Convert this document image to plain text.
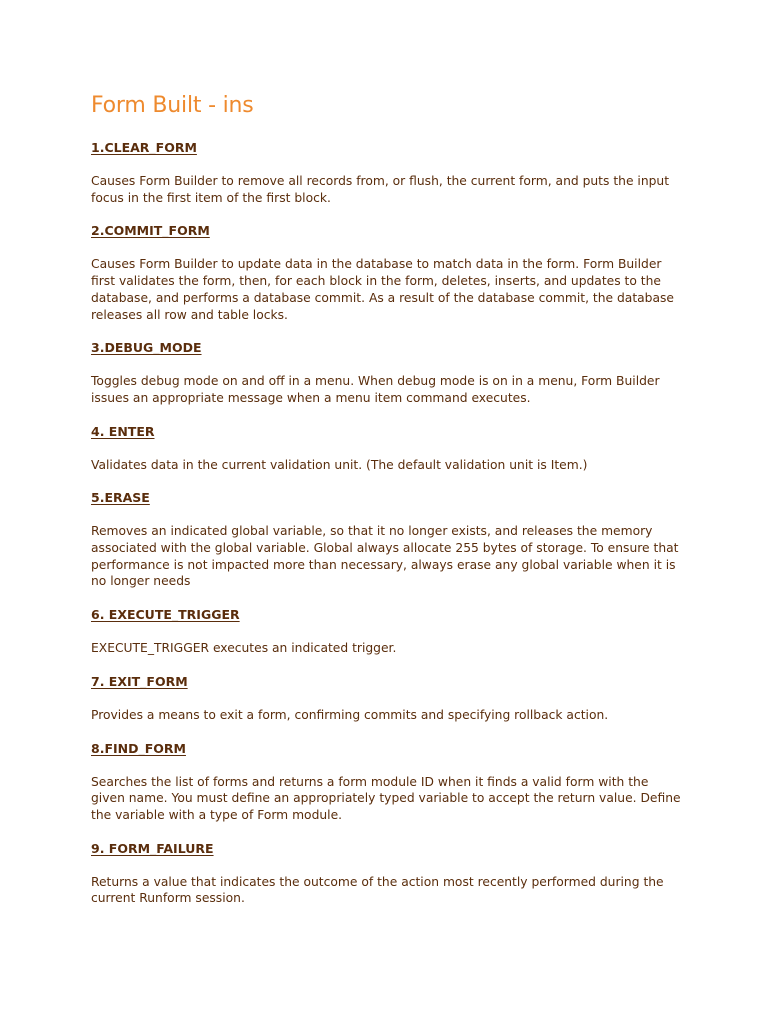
Form Built - ins
1.CLEAR_FORM
Causes Form Builder to remove all records from, or flush, the current form, and puts the input focus in the first item of the first block.
2.COMMIT_FORM
Causes Form Builder to update data in the database to match data in the form. Form Builder first validates the form, then, for each block in the form, deletes, inserts, and updates to the database, and performs a database commit. As a result of the database commit, the database releases all row and table locks.
3.DEBUG_MODE
Toggles debug mode on and off in a menu. When debug mode is on in a menu, Form Builder issues an appropriate message when a menu item command executes.
4. ENTER
Validates data in the current validation unit. (The default validation unit is Item.)
5.ERASE
Removes an indicated global variable, so that it no longer exists, and releases the memory associated with the global variable. Global always allocate 255 bytes of storage. To ensure that performance is not impacted more than necessary, always erase any global variable when it is no longer needs
6. EXECUTE_TRIGGER
EXECUTE_TRIGGER executes an indicated trigger.
7. EXIT_FORM
Provides a means to exit a form, confirming commits and specifying rollback action.
8.FIND_FORM
Searches the list of forms and returns a form module ID when it finds a valid form with the given name. You must define an appropriately typed variable to accept the return value. Define the variable with a type of Form module.
9. FORM_FAILURE
Returns a value that indicates the outcome of the action most recently performed during the current Runform session.
